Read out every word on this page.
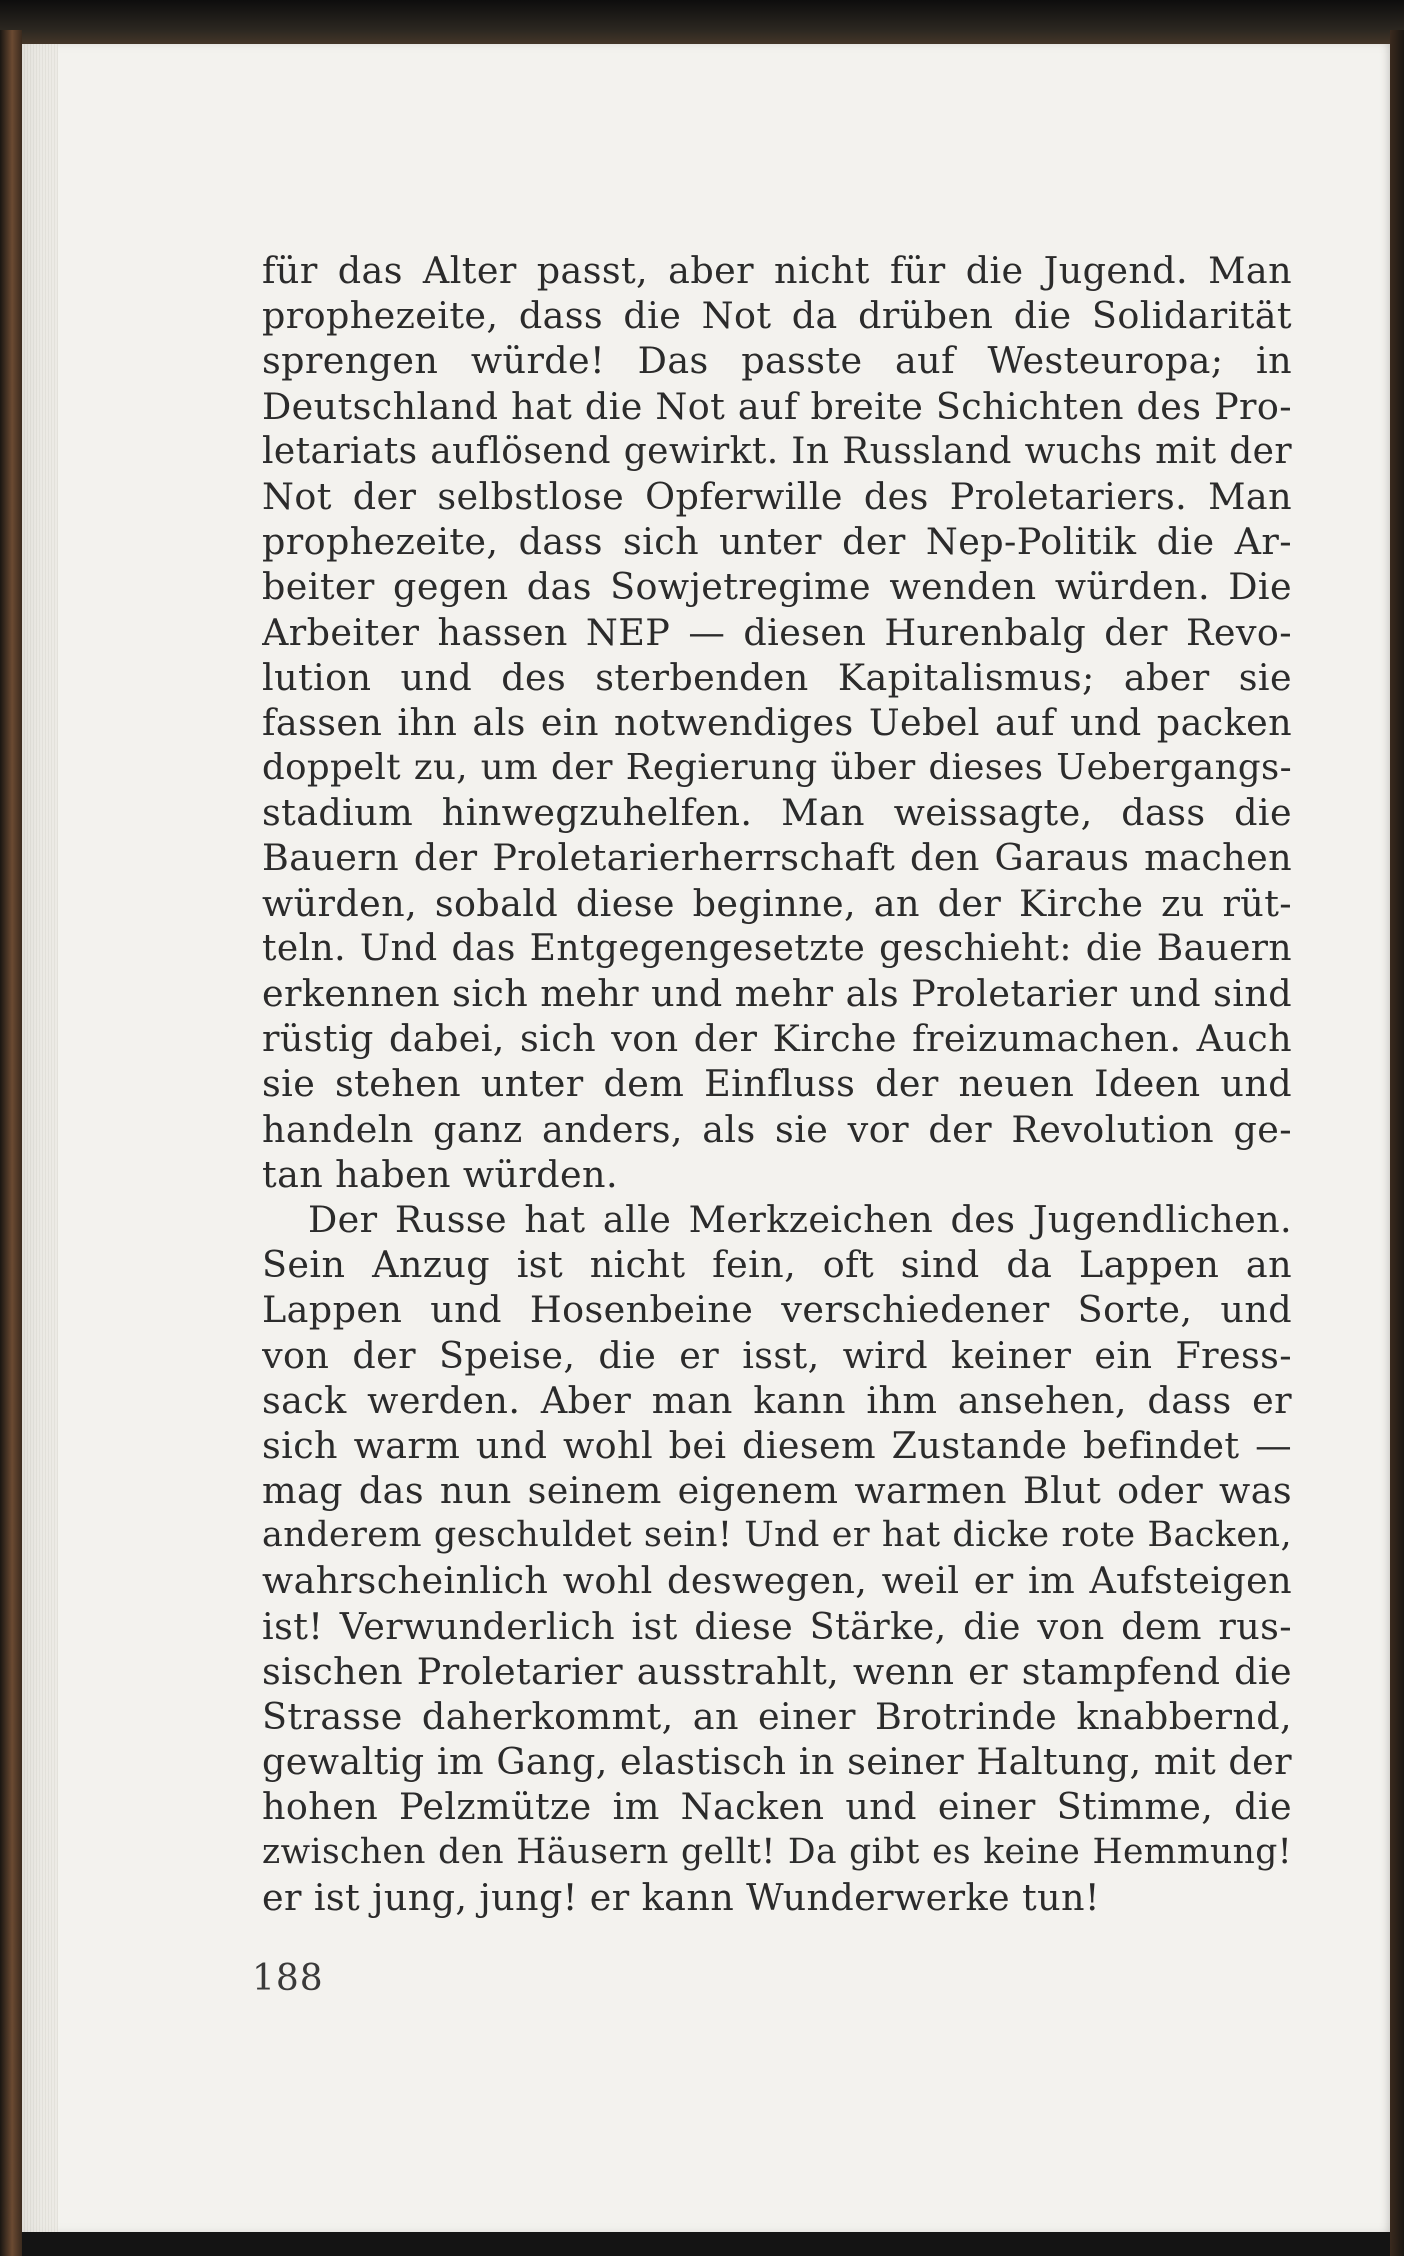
für das Alter passt, aber nicht für die Jugend. Man
prophezeite, dass die Not da drüben die Solidarität
sprengen würde! Das passte auf Westeuropa; in
Deutschland hat die Not auf breite Schichten des Pro-
letariats auflösend gewirkt. In Russland wuchs mit der
Not der selbstlose Opferwille des Proletariers. Man
prophezeite, dass sich unter der Nep-Politik die Ar-
beiter gegen das Sowjetregime wenden würden. Die
Arbeiter hassen NEP — diesen Hurenbalg der Revo-
lution und des sterbenden Kapitalismus; aber sie
fassen ihn als ein notwendiges Uebel auf und packen
doppelt zu, um der Regierung über dieses Uebergangs-
stadium hinwegzuhelfen. Man weissagte, dass die
Bauern der Proletarierherrschaft den Garaus machen
würden, sobald diese beginne, an der Kirche zu rüt-
teln. Und das Entgegengesetzte geschieht: die Bauern
erkennen sich mehr und mehr als Proletarier und sind
rüstig dabei, sich von der Kirche freizumachen. Auch
sie stehen unter dem Einfluss der neuen Ideen und
handeln ganz anders, als sie vor der Revolution ge-
tan haben würden.
Der Russe hat alle Merkzeichen des Jugendlichen.
Sein Anzug ist nicht fein, oft sind da Lappen an
Lappen und Hosenbeine verschiedener Sorte, und
von der Speise, die er isst, wird keiner ein Fress-
sack werden. Aber man kann ihm ansehen, dass er
sich warm und wohl bei diesem Zustande befindet —
mag das nun seinem eigenem warmen Blut oder was
anderem geschuldet sein! Und er hat dicke rote Backen,
wahrscheinlich wohl deswegen, weil er im Aufsteigen
ist! Verwunderlich ist diese Stärke, die von dem rus-
sischen Proletarier ausstrahlt, wenn er stampfend die
Strasse daherkommt, an einer Brotrinde knabbernd,
gewaltig im Gang, elastisch in seiner Haltung, mit der
hohen Pelzmütze im Nacken und einer Stimme, die
zwischen den Häusern gellt! Da gibt es keine Hemmung!
er ist jung, jung! er kann Wunderwerke tun!
188
